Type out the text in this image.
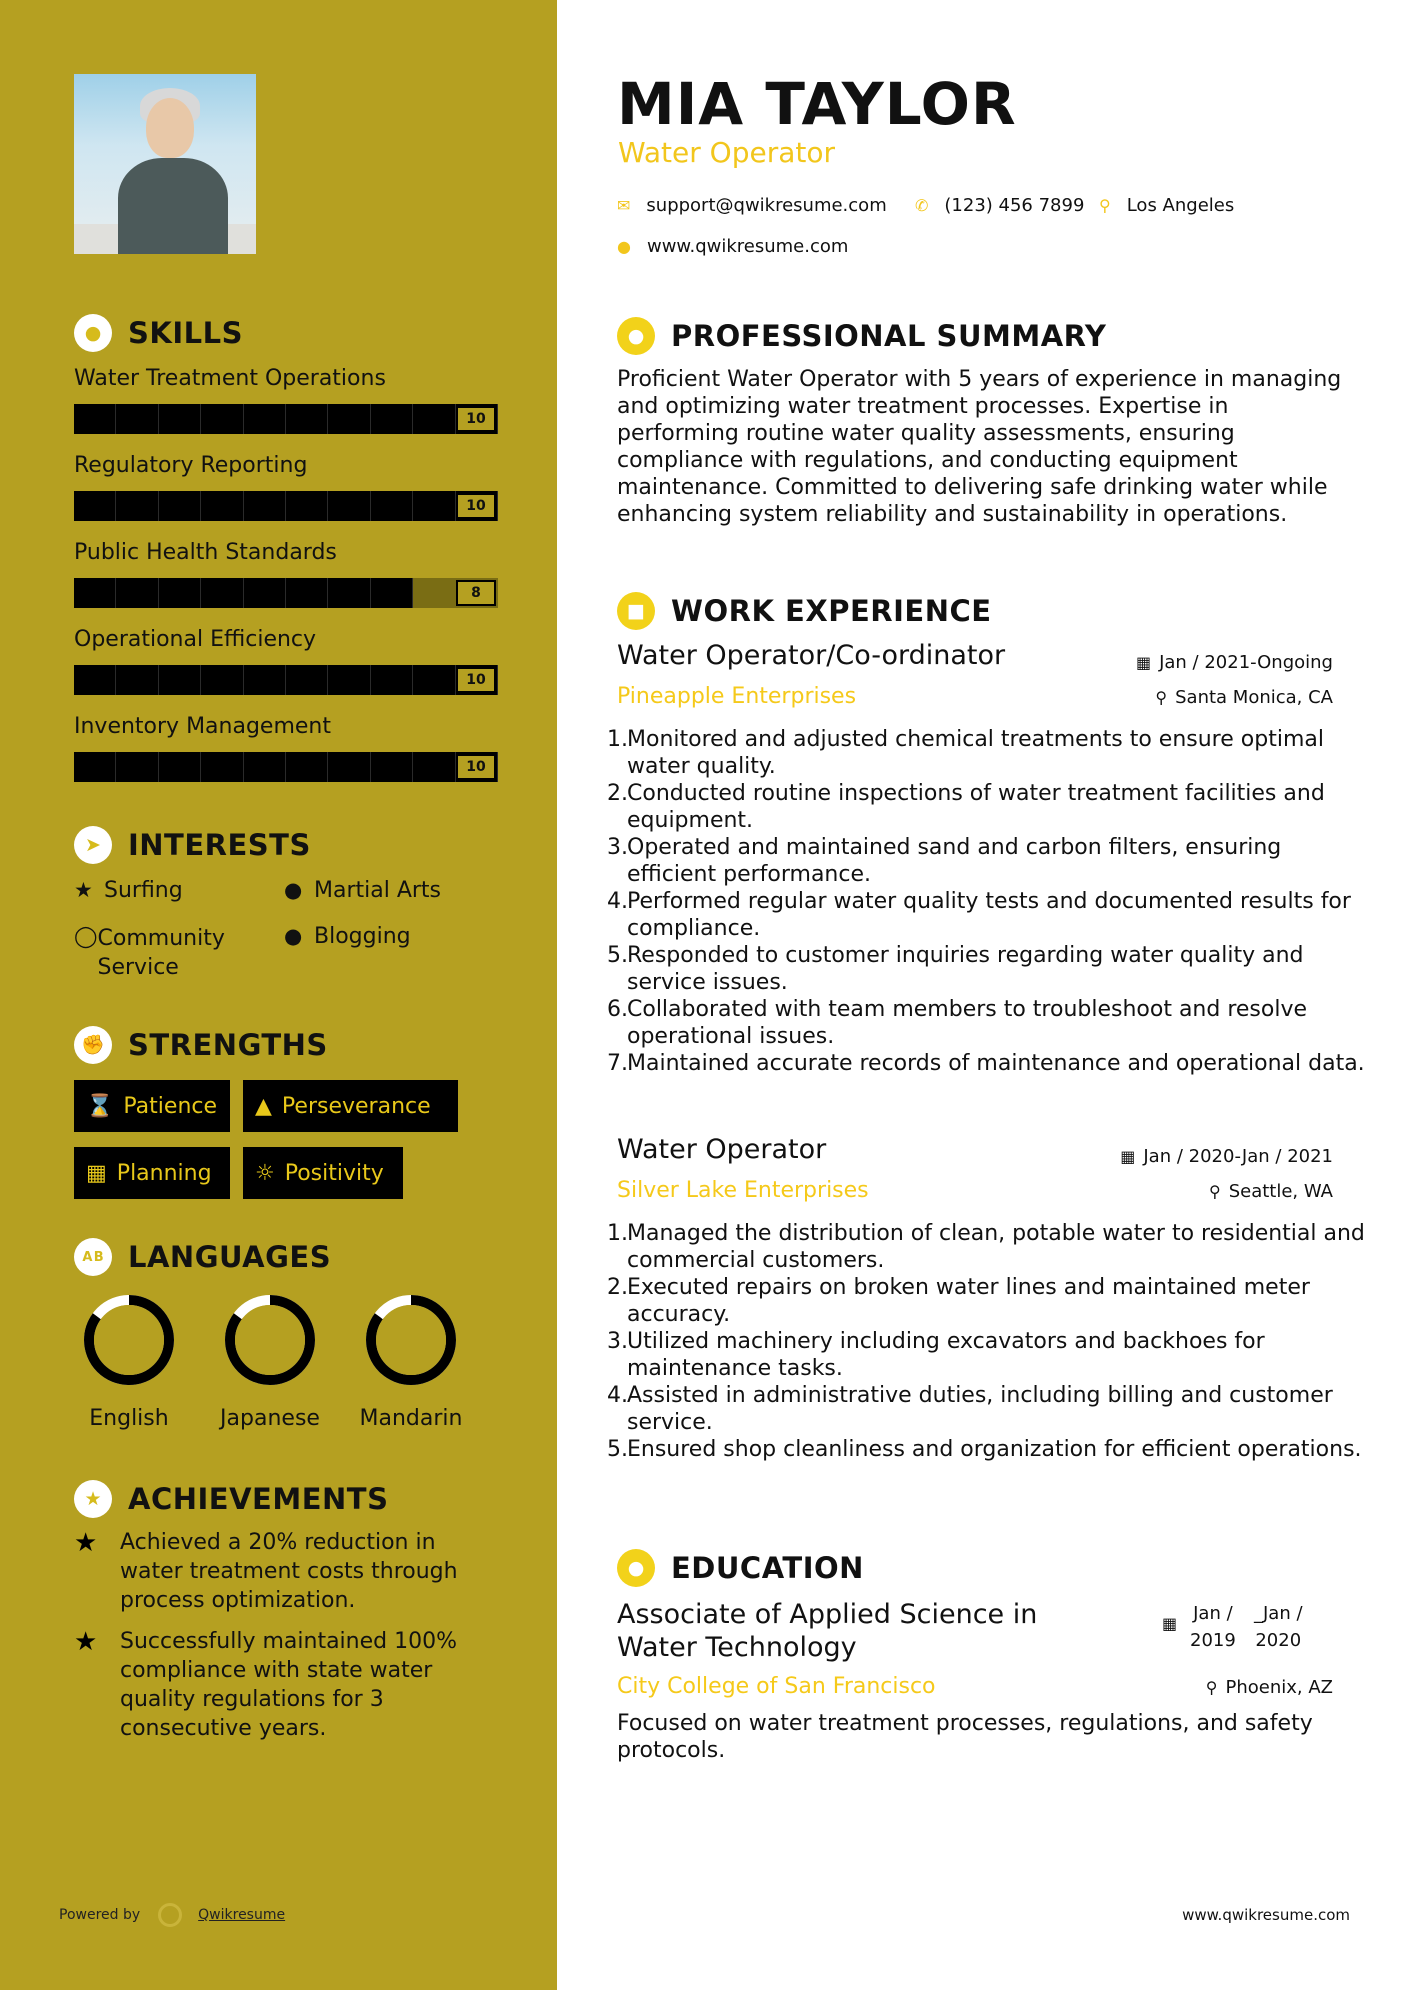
● SKILLS
➤ INTERESTS
★ Surfing	● Martial Arts
◯ Community Service
● Blogging
✊ STRENGTHS
⌛ Patience ▲ Perseverance
▦ Planning ☼ Positivity
A B LANGUAGES
★ ACHIEVEMENTS
★	Achieved a 20% reduction in water treatment costs through process optimization.
★	Successfully maintained 100% compliance with state water quality regulations for 3 consecutive years.
Powered by	Qwikresume
Water Treatment Operations
10
Regulatory Reporting
10
Public Health Standards
8
Operational Efficiency
10
Inventory Management
10
English	Japanese	Mandarin
MIA TAYLOR
Water Operator
✉ support@qwikresume.com ✆ (123) 456 7899 ⚲ Los Angeles
● www.qwikresume.com
● PROFESSIONAL SUMMARY
Proficient Water Operator with 5 years of experience in managing and optimizing water treatment processes. Expertise in performing routine water quality assessments, ensuring compliance with regulations, and conducting equipment maintenance. Committed to delivering safe drinking water while enhancing system reliability and sustainability in operations.
■ WORK EXPERIENCE
Water Operator/Co-ordinator	▦ Jan / 2021-Ongoing
Pineapple Enterprises	⚲ Santa Monica, CA
1.Monitored and adjusted chemical treatments to ensure optimal water quality.
2.Conducted routine inspections of water treatment facilities and equipment.
3.Operated and maintained sand and carbon filters, ensuring efficient performance.
4.Performed regular water quality tests and documented results for compliance.
5.Responded to customer inquiries regarding water quality and service issues.
6.Collaborated with team members to troubleshoot and resolve operational issues.
7.Maintained accurate records of maintenance and operational data.
Water Operator	▦ Jan / 2020-Jan / 2021
Silver Lake Enterprises	⚲ Seattle, WA
1.Managed the distribution of clean, potable water to residential and commercial customers.
2.Executed repairs on broken water lines and maintained meter accuracy.
3.Utilized machinery including excavators and backhoes for maintenance tasks.
4.Assisted in administrative duties, including billing and customer service.
5.Ensured shop cleanliness and organization for efficient operations.
● EDUCATION
Associate of Applied Science in
Water Technology
▦ Jan /
2019
_Jan /
2020
City College of San Francisco	⚲ Phoenix, AZ
Focused on water treatment processes, regulations, and safety protocols.
www.qwikresume.com
